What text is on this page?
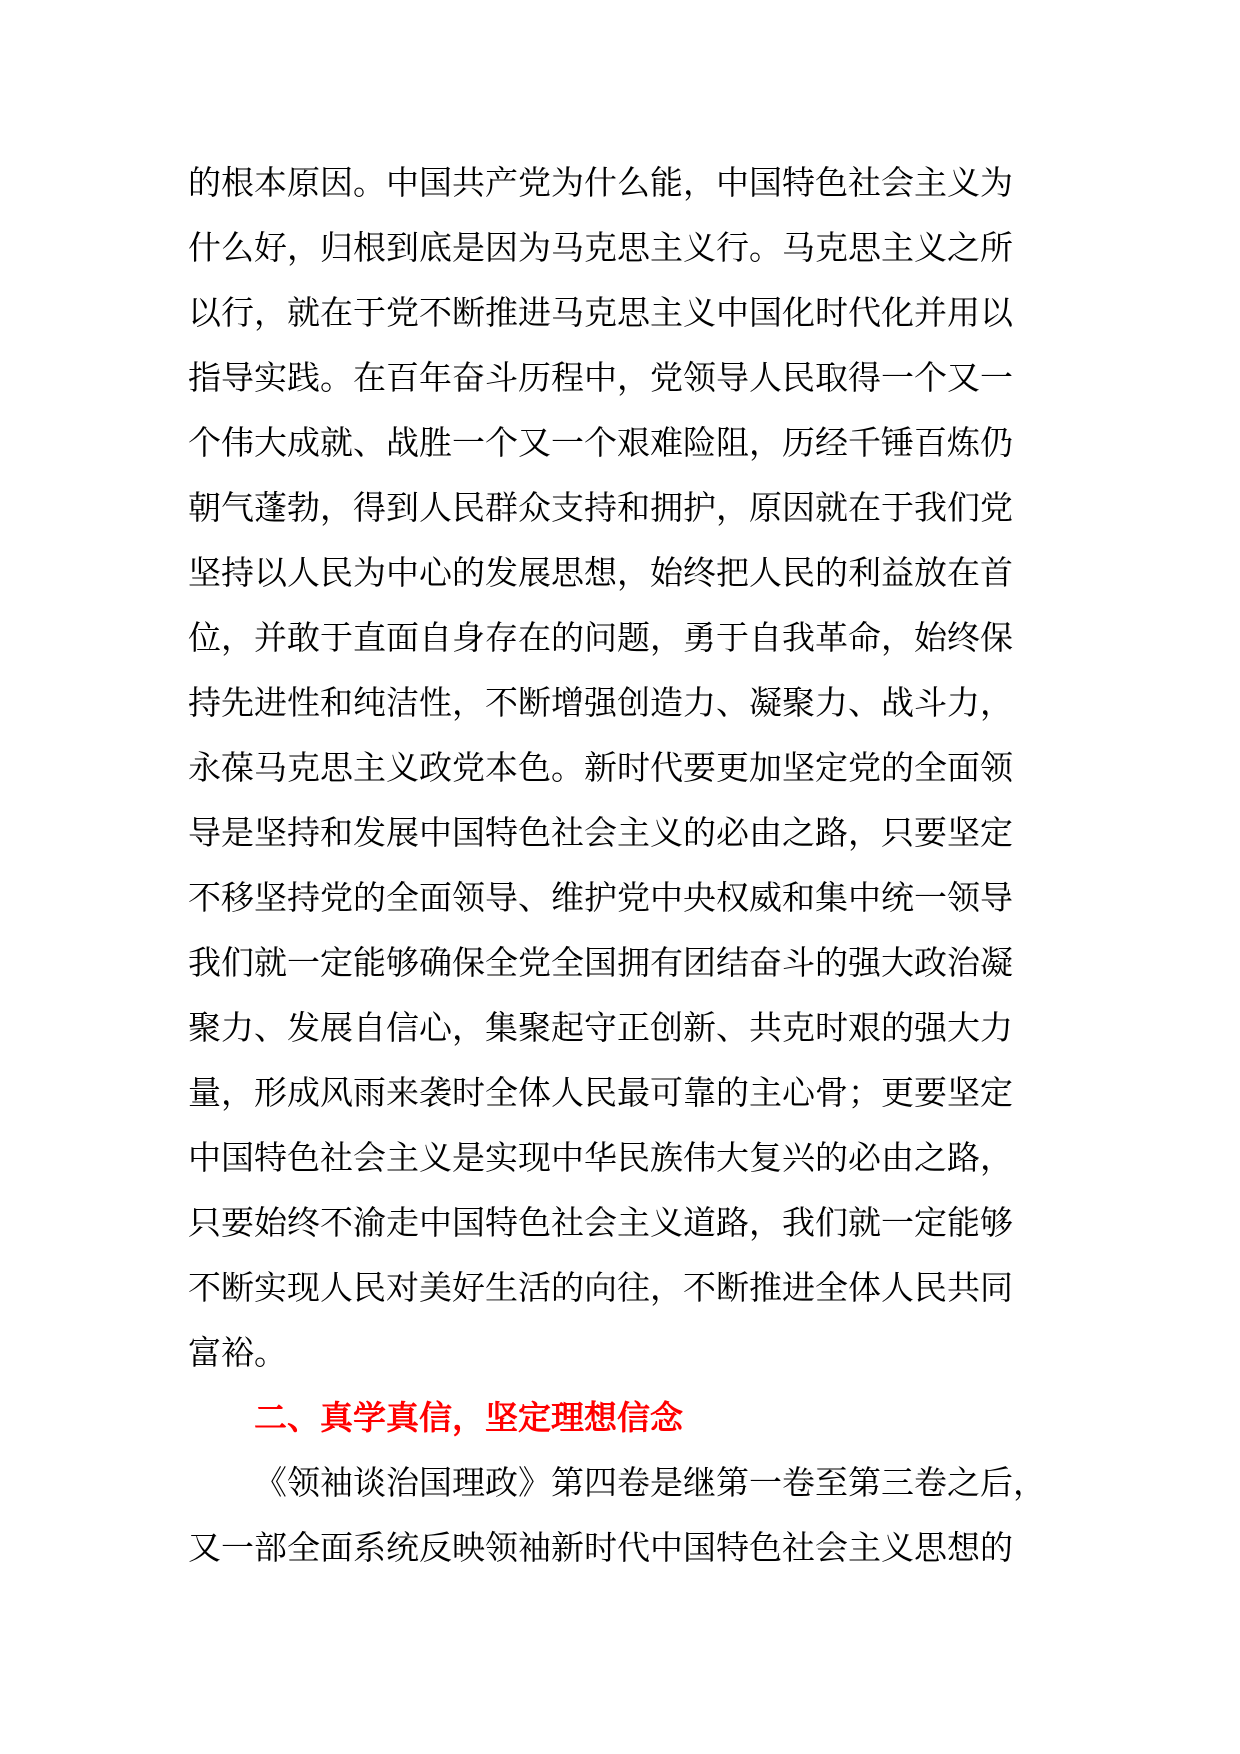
的根本原因。中国共产党为什么能，中国特色社会主义为
什么好，归根到底是因为马克思主义行。马克思主义之所
以行，就在于党不断推进马克思主义中国化时代化并用以
指导实践。在百年奋斗历程中，党领导人民取得一个又一
个伟大成就、战胜一个又一个艰难险阻，历经千锤百炼仍
朝气蓬勃，得到人民群众支持和拥护，原因就在于我们党
坚持以人民为中心的发展思想，始终把人民的利益放在首
位，并敢于直面自身存在的问题，勇于自我革命，始终保
持先进性和纯洁性，不断增强创造力、凝聚力、战斗力，
永葆马克思主义政党本色。新时代要更加坚定党的全面领
导是坚持和发展中国特色社会主义的必由之路，只要坚定
不移坚持党的全面领导、维护党中央权威和集中统一领导
我们就一定能够确保全党全国拥有团结奋斗的强大政治凝
聚力、发展自信心，集聚起守正创新、共克时艰的强大力
量，形成风雨来袭时全体人民最可靠的主心骨；更要坚定
中国特色社会主义是实现中华民族伟大复兴的必由之路，
只要始终不渝走中国特色社会主义道路，我们就一定能够
不断实现人民对美好生活的向往，不断推进全体人民共同
富裕。
二、真学真信，坚定理想信念
《领袖谈治国理政》第四卷是继第一卷至第三卷之后，
又一部全面系统反映领袖新时代中国特色社会主义思想的
